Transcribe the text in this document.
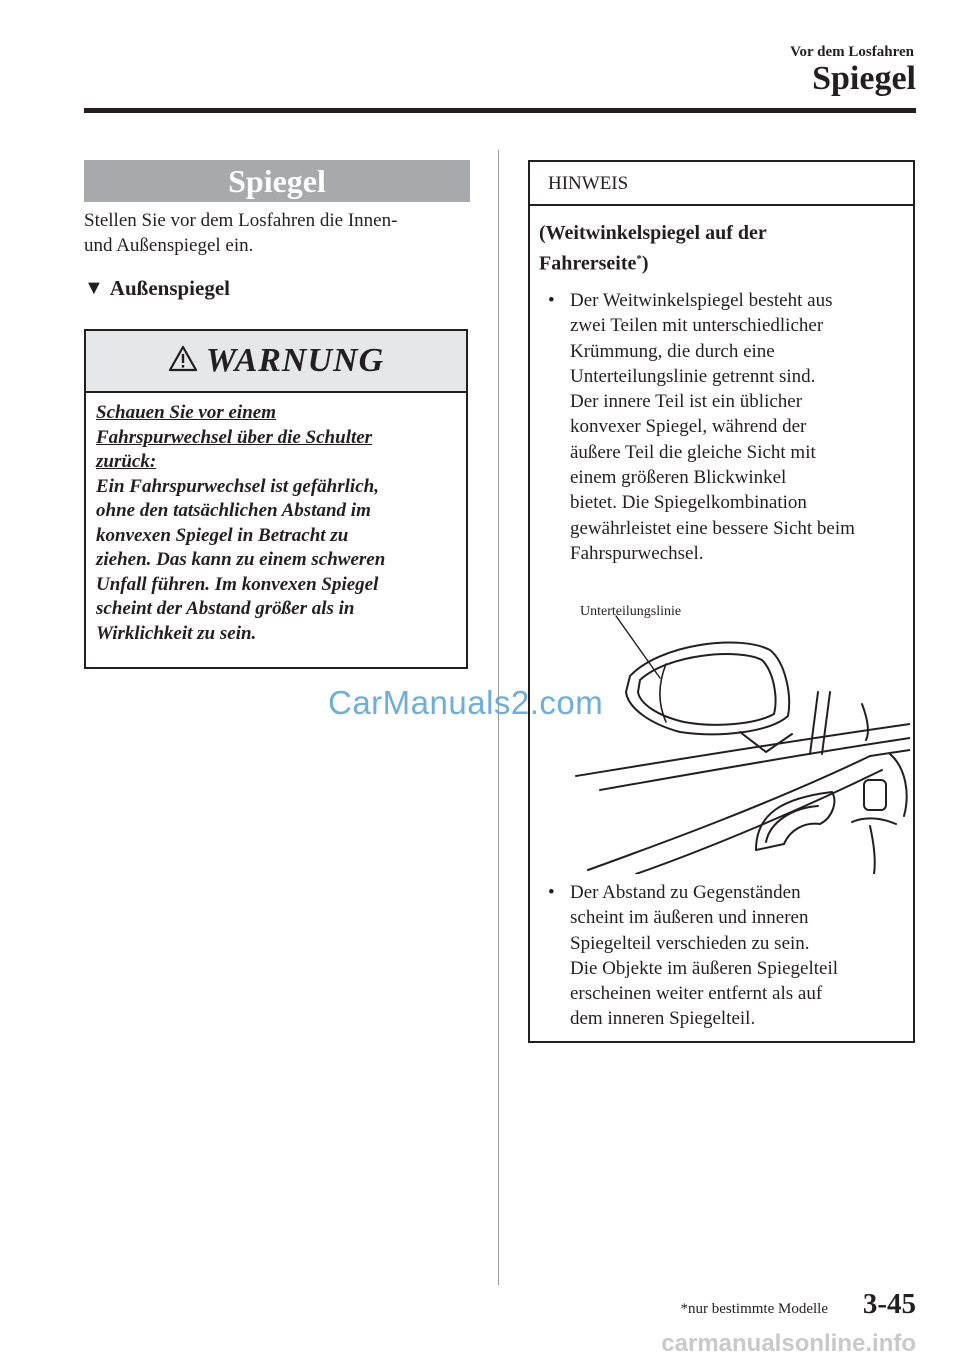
Vor dem Losfahren
Spiegel
Spiegel
Stellen Sie vor dem Losfahren die Innen-
und Außenspiegel ein.
▼ Außenspiegel
WARNUNG
Schauen Sie vor einem
Fahrspurwechsel über die Schulter
zurück:
Ein Fahrspurwechsel ist gefährlich,
ohne den tatsächlichen Abstand im
konvexen Spiegel in Betracht zu
ziehen. Das kann zu einem schweren
Unfall führen. Im konvexen Spiegel
scheint der Abstand größer als in
Wirklichkeit zu sein.
CarManuals2.com
HINWEIS
(Weitwinkelspiegel auf der
Fahrerseite*)
• Der Weitwinkelspiegel besteht aus
zwei Teilen mit unterschiedlicher
Krümmung, die durch eine
Unterteilungslinie getrennt sind.
Der innere Teil ist ein üblicher
konvexer Spiegel, während der
äußere Teil die gleiche Sicht mit
einem größeren Blickwinkel
bietet. Die Spiegelkombination
gewährleistet eine bessere Sicht beim
Fahrspurwechsel.
Unterteilungslinie
• Der Abstand zu Gegenständen
scheint im äußeren und inneren
Spiegelteil verschieden zu sein.
Die Objekte im äußeren Spiegelteil
erscheinen weiter entfernt als auf
dem inneren Spiegelteil.
*nur bestimmte Modelle 3-45
carmanualsonline.info
